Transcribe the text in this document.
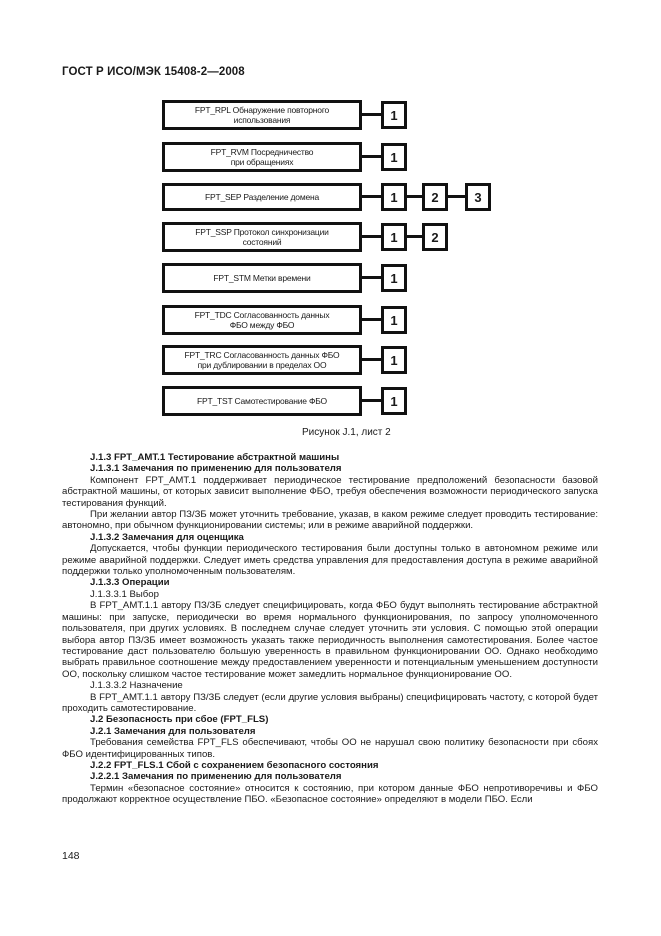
ГОСТ Р ИСО/МЭК 15408-2—2008
FPT_RPL Обнаружение повторного
использования	1
FPT_RVM Посредничество
при обращениях	1
FPT_SEP Разделение домена	1	2	3
FPT_SSP Протокол синхронизации
состояний	1	2
FPT_STM Метки времени	1
FPT_TDC Согласованность данных
ФБО между ФБО	1
FPT_TRC Согласованность данных ФБО
при дублировании в пределах ОО	1
FPT_TST Самотестирование ФБО	1
Рисунок J.1, лист 2

J.1.3 FPT_AMT.1 Тестирование абстрактной машины

J.1.3.1 Замечания по применению для пользователя

Компонент FPT_AMT.1 поддерживает периодическое тестирование предположений безопасности базовой абстрактной машины, от которых зависит выполнение ФБО, требуя обеспечения возможности периодического запуска тестирования функций.

При желании автор ПЗ/ЗБ может уточнить требование, указав, в каком режиме следует проводить тестирование: автономно, при обычном функционировании системы; или в режиме аварийной поддержки.

J.1.3.2 Замечания для оценщика

Допускается, чтобы функции периодического тестирования были доступны только в автономном режиме или режиме аварийной поддержки. Следует иметь средства управления для предоставления доступа в режиме аварийной поддержки только уполномоченным пользователям.

J.1.3.3 Операции

J.1.3.3.1 Выбор

В FPT_AMT.1.1 автору ПЗ/ЗБ следует специфицировать, когда ФБО будут выполнять тестирование абстрактной машины: при запуске, периодически во время нормального функционирования, по запросу уполномоченного пользователя, при других условиях. В последнем случае следует уточнить эти условия. С помощью этой операции выбора автор ПЗ/ЗБ имеет возможность указать также периодичность выполнения самотестирования. Более частое тестирование даст пользователю большую уверенность в правильном функционировании ОО. Однако необходимо выбрать правильное соотношение между предоставлением уверенности и потенциальным уменьшением доступности ОО, поскольку слишком частое тестирование может замедлить нормальное функционирование ОО.

J.1.3.3.2 Назначение

В FPT_AMT.1.1 автору ПЗ/ЗБ следует (если другие условия выбраны) специфицировать частоту, с которой будет проходить самотестирование.

J.2 Безопасность при сбое (FPT_FLS)

J.2.1 Замечания для пользователя

Требования семейства FPT_FLS обеспечивают, чтобы ОО не нарушал свою политику безопасности при сбоях ФБО идентифицированных типов.

J.2.2 FPT_FLS.1 Сбой с сохранением безопасного состояния

J.2.2.1 Замечания по применению для пользователя

Термин «безопасное состояние» относится к состоянию, при котором данные ФБО непротиворечивы и ФБО продолжают корректное осуществление ПБО. «Безопасное состояние» определяют в модели ПБО. Если

148
